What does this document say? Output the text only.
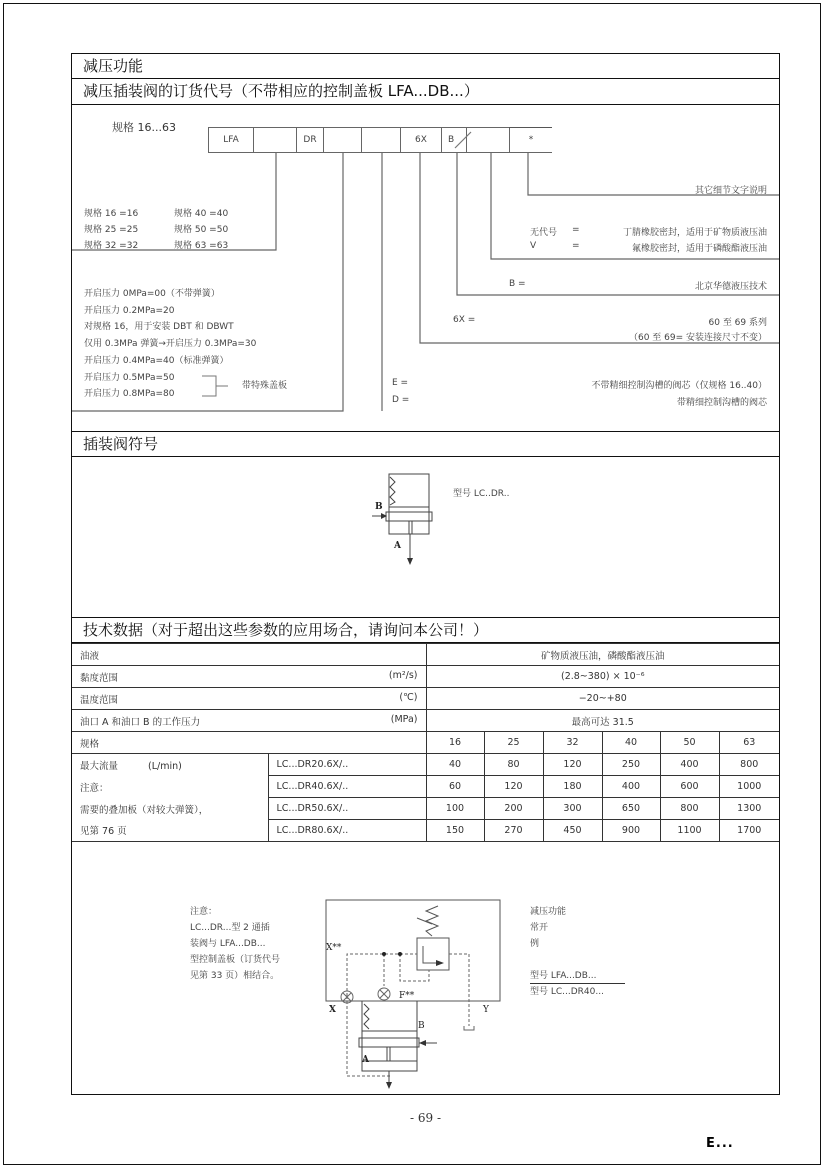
减压功能
减压插装阀的订货代号（不带相应的控制盖板 LFA...DB...）
规格 16...63
LFA	DR	6X	B	*
规格 16 =16
规格 25 =25
规格 32 =32
规格 40 =40
规格 50 =50
规格 63 =63
开启压力 0MPa=00（不带弹簧）
开启压力 0.2MPa=20
对规格 16，用于安装 DBT 和 DBWT
仅用 0.3MPa 弹簧→开启压力 0.3MPa=30
开启压力 0.4MPa=40（标准弹簧）
开启压力 0.5MPa=50
开启压力 0.8MPa=80
带特殊盖板
其它细节文字说明
无代号 =	丁腈橡胶密封，适用于矿物质液压油
V	=	氟橡胶密封，适用于磷酸酯液压油
B =	北京华德液压技术
6X =	60 至 69 系列
（60 至 69= 安装连接尺寸不变）
E =	不带精细控制沟槽的阀芯（仅规格 16..40）
D =	带精细控制沟槽的阀芯
插装阀符号
B
A
型号 LC..DR..
技术数据（对于超出这些参数的应用场合，请询问本公司！）
油液		矿物质液压油，磷酸酯液压油					
黏度范围 (m²/s)		(2.8~380) × 10⁻⁶					
温度范围 (℃)		−20~+80					
油口 A 和油口 B 的工作压力 (MPa)		最高可达 31.5					
规格		16	25	32	40	50	63
最大流量 (L/min)	LC...DR20.6X/..	40	80	120	250	400	800
注意：	LC...DR40.6X/..	60	120	180	400	600	1000
需要的叠加板（对较大弹簧），	LC...DR50.6X/..	100	200	300	650	800	1300
见第 76 页	LC...DR80.6X/..	150	270	450	900	1100	1700
注意：
LC...DR...型 2 通插
装阀与 LFA...DB...
型控制盖板（订货代号
见第 33 页）相结合。
X**
F**
X	Y
B
A
减压功能
常开
例
型号 LFA...DB...
型号 LC...DR40...
- 69 -
E...
